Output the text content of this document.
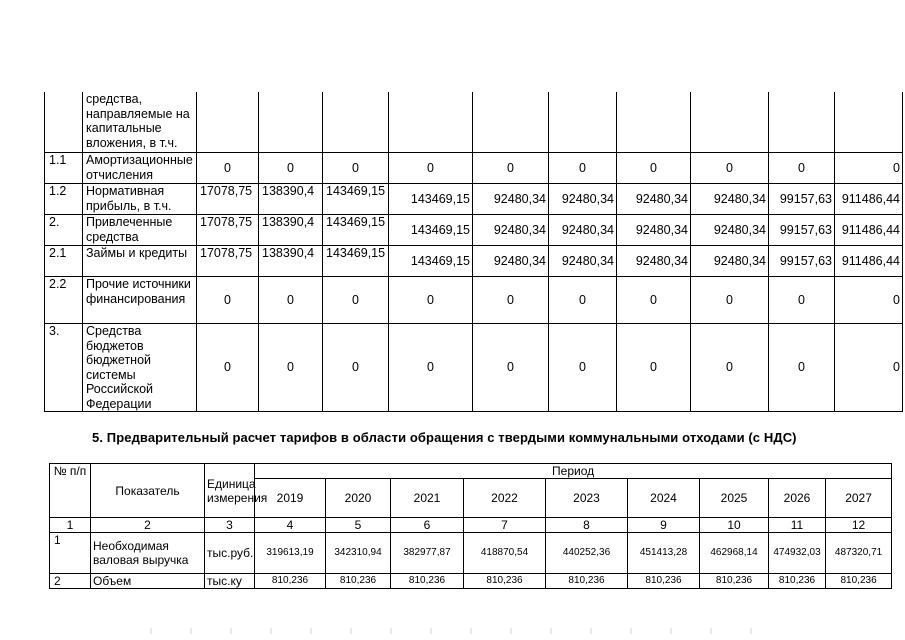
	средства, направляемые на капитальные вложения, в т.ч.										
1.1	Амортизационные отчисления	0	0	0	0	0	0	0	0	0	0
1.2	Нормативная прибыль, в т.ч.	17078,75	138390,4	143469,15	143469,15	92480,34	92480,34	92480,34	92480,34	99157,63	911486,44
2.	Привлеченные средства	17078,75	138390,4	143469,15	143469,15	92480,34	92480,34	92480,34	92480,34	99157,63	911486,44
2.1	Займы и кредиты	17078,75	138390,4	143469,15	143469,15	92480,34	92480,34	92480,34	92480,34	99157,63	911486,44
2.2	Прочие источники финансирования	0	0	0	0	0	0	0	0	0	0
3.	Средства бюджетов бюджетной системы Российской Федерации	0	0	0	0	0	0	0	0	0	0
5. Предварительный расчет тарифов в области обращения с твердыми коммунальными отходами (с НДС)
№ п/п	Показатель	Единица измерения	Период								
			2019	2020	2021	2022	2023	2024	2025	2026	2027
1	2	3	4	5	6	7	8	9	10	11	12
1	Необходимая валовая выручка	тыс.руб.	319613,19	342310,94	382977,87	418870,54	440252,36	451413,28	462968,14	474932,03	487320,71
2	Объем	тыс.ку	810,236	810,236	810,236	810,236	810,236	810,236	810,236	810,236	810,236
